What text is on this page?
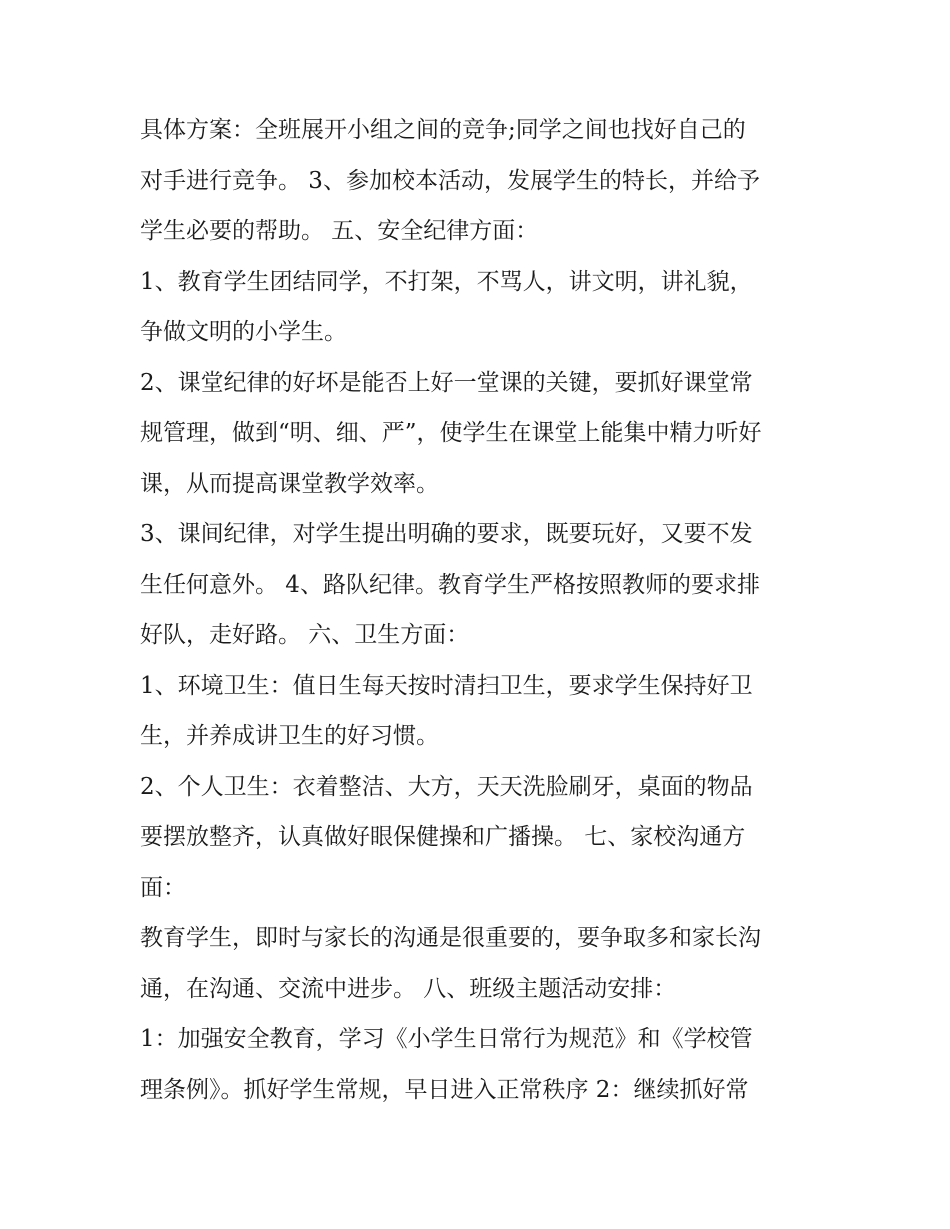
具体方案：全班展开小组之间的竞争;同学之间也找好自己的
对手进行竞争。 3、参加校本活动，发展学生的特长，并给予
学生必要的帮助。 五、安全纪律方面：
1、教育学生团结同学，不打架，不骂人，讲文明，讲礼貌，
争做文明的小学生。
2、课堂纪律的好坏是能否上好一堂课的关键，要抓好课堂常
规管理，做到“明、细、严”，使学生在课堂上能集中精力听好
课，从而提高课堂教学效率。
3、课间纪律，对学生提出明确的要求，既要玩好，又要不发
生任何意外。 4、路队纪律。教育学生严格按照教师的要求排
好队，走好路。 六、卫生方面：
1、环境卫生：值日生每天按时清扫卫生，要求学生保持好卫
生，并养成讲卫生的好习惯。
2、个人卫生：衣着整洁、大方，天天洗脸刷牙，桌面的物品
要摆放整齐，认真做好眼保健操和广播操。 七、家校沟通方
面：
教育学生，即时与家长的沟通是很重要的，要争取多和家长沟
通，在沟通、交流中进步。 八、班级主题活动安排：
1：加强安全教育，学习《小学生日常行为规范》和《学校管
理条例》。抓好学生常规，早日进入正常秩序 2：继续抓好常
